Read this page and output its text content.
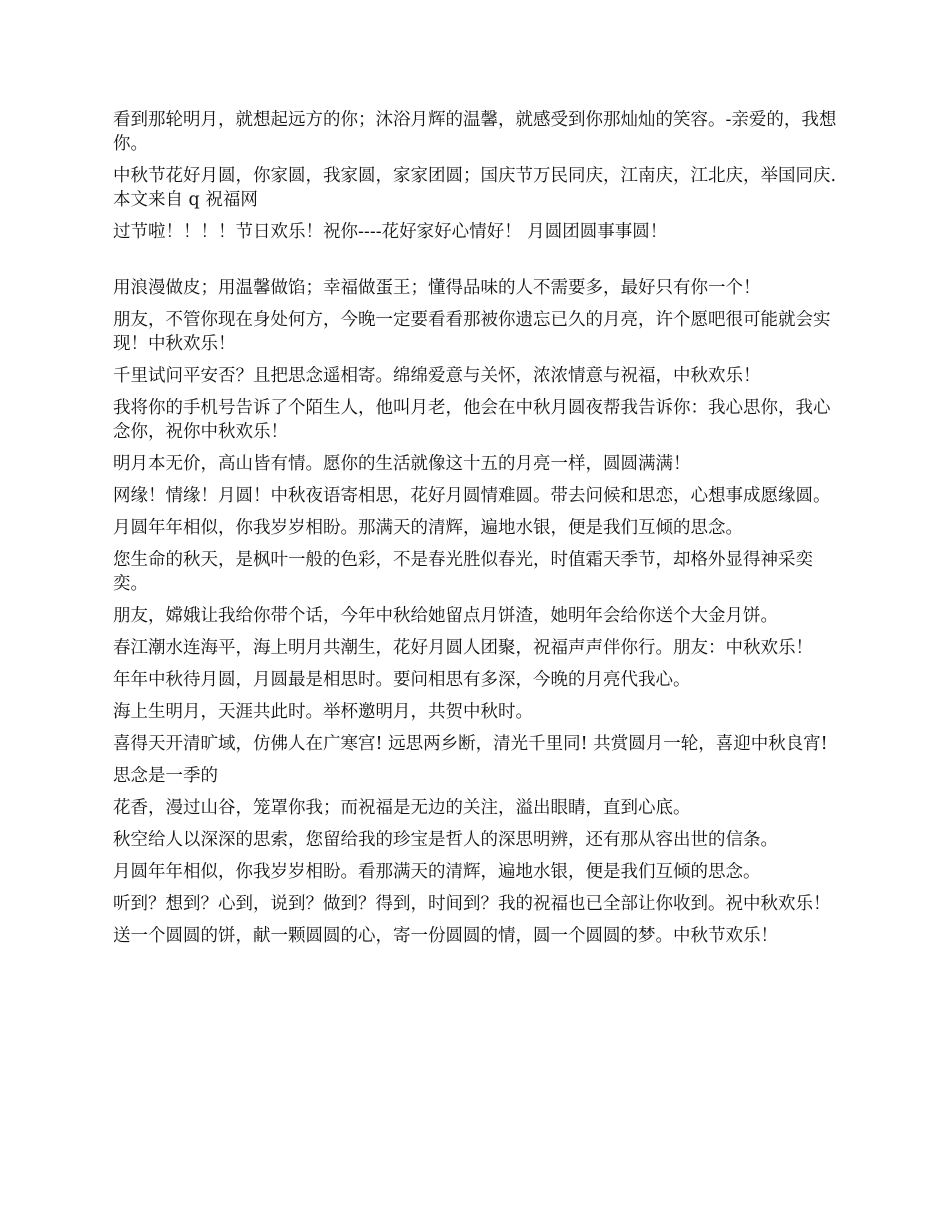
看到那轮明月，就想起远方的你；沐浴月辉的温馨，就感受到你那灿灿的笑容。-亲爱的，我想你。

中秋节花好月圆，你家圆，我家圆，家家团圆；国庆节万民同庆，江南庆，江北庆，举国同庆.本文来自 q 祝福网

过节啦！！！！节日欢乐！祝你----花好家好心情好！ 月圆团圆事事圆！

用浪漫做皮；用温馨做馅；幸福做蛋王；懂得品味的人不需要多，最好只有你一个！

朋友，不管你现在身处何方，今晚一定要看看那被你遗忘已久的月亮，许个愿吧很可能就会实现！中秋欢乐！

千里试问平安否？且把思念遥相寄。绵绵爱意与关怀，浓浓情意与祝福，中秋欢乐！

我将你的手机号告诉了个陌生人，他叫月老，他会在中秋月圆夜帮我告诉你：我心思你，我心念你，祝你中秋欢乐！

明月本无价，高山皆有情。愿你的生活就像这十五的月亮一样，圆圆满满！

网缘！情缘！月圆！中秋夜语寄相思，花好月圆情难圆。带去问候和思恋，心想事成愿缘圆。

月圆年年相似，你我岁岁相盼。那满天的清辉，遍地水银，便是我们互倾的思念。

您生命的秋天，是枫叶一般的色彩，不是春光胜似春光，时值霜天季节，却格外显得神采奕奕。

朋友，嫦娥让我给你带个话，今年中秋给她留点月饼渣，她明年会给你送个大金月饼。

春江潮水连海平，海上明月共潮生，花好月圆人团聚，祝福声声伴你行。朋友：中秋欢乐！

年年中秋待月圆，月圆最是相思时。要问相思有多深，今晚的月亮代我心。

海上生明月，天涯共此时。举杯邀明月，共贺中秋时。

喜得天开清旷域，仿佛人在广寒宫! 远思两乡断，清光千里同! 共赏圆月一轮，喜迎中秋良宵!

思念是一季的

花香，漫过山谷，笼罩你我；而祝福是无边的关注，溢出眼睛，直到心底。

秋空给人以深深的思索，您留给我的珍宝是哲人的深思明辨，还有那从容出世的信条。

月圆年年相似，你我岁岁相盼。看那满天的清辉，遍地水银，便是我们互倾的思念。

听到？想到？心到，说到？做到？得到，时间到？我的祝福也已全部让你收到。祝中秋欢乐！

送一个圆圆的饼，献一颗圆圆的心，寄一份圆圆的情，圆一个圆圆的梦。中秋节欢乐！
